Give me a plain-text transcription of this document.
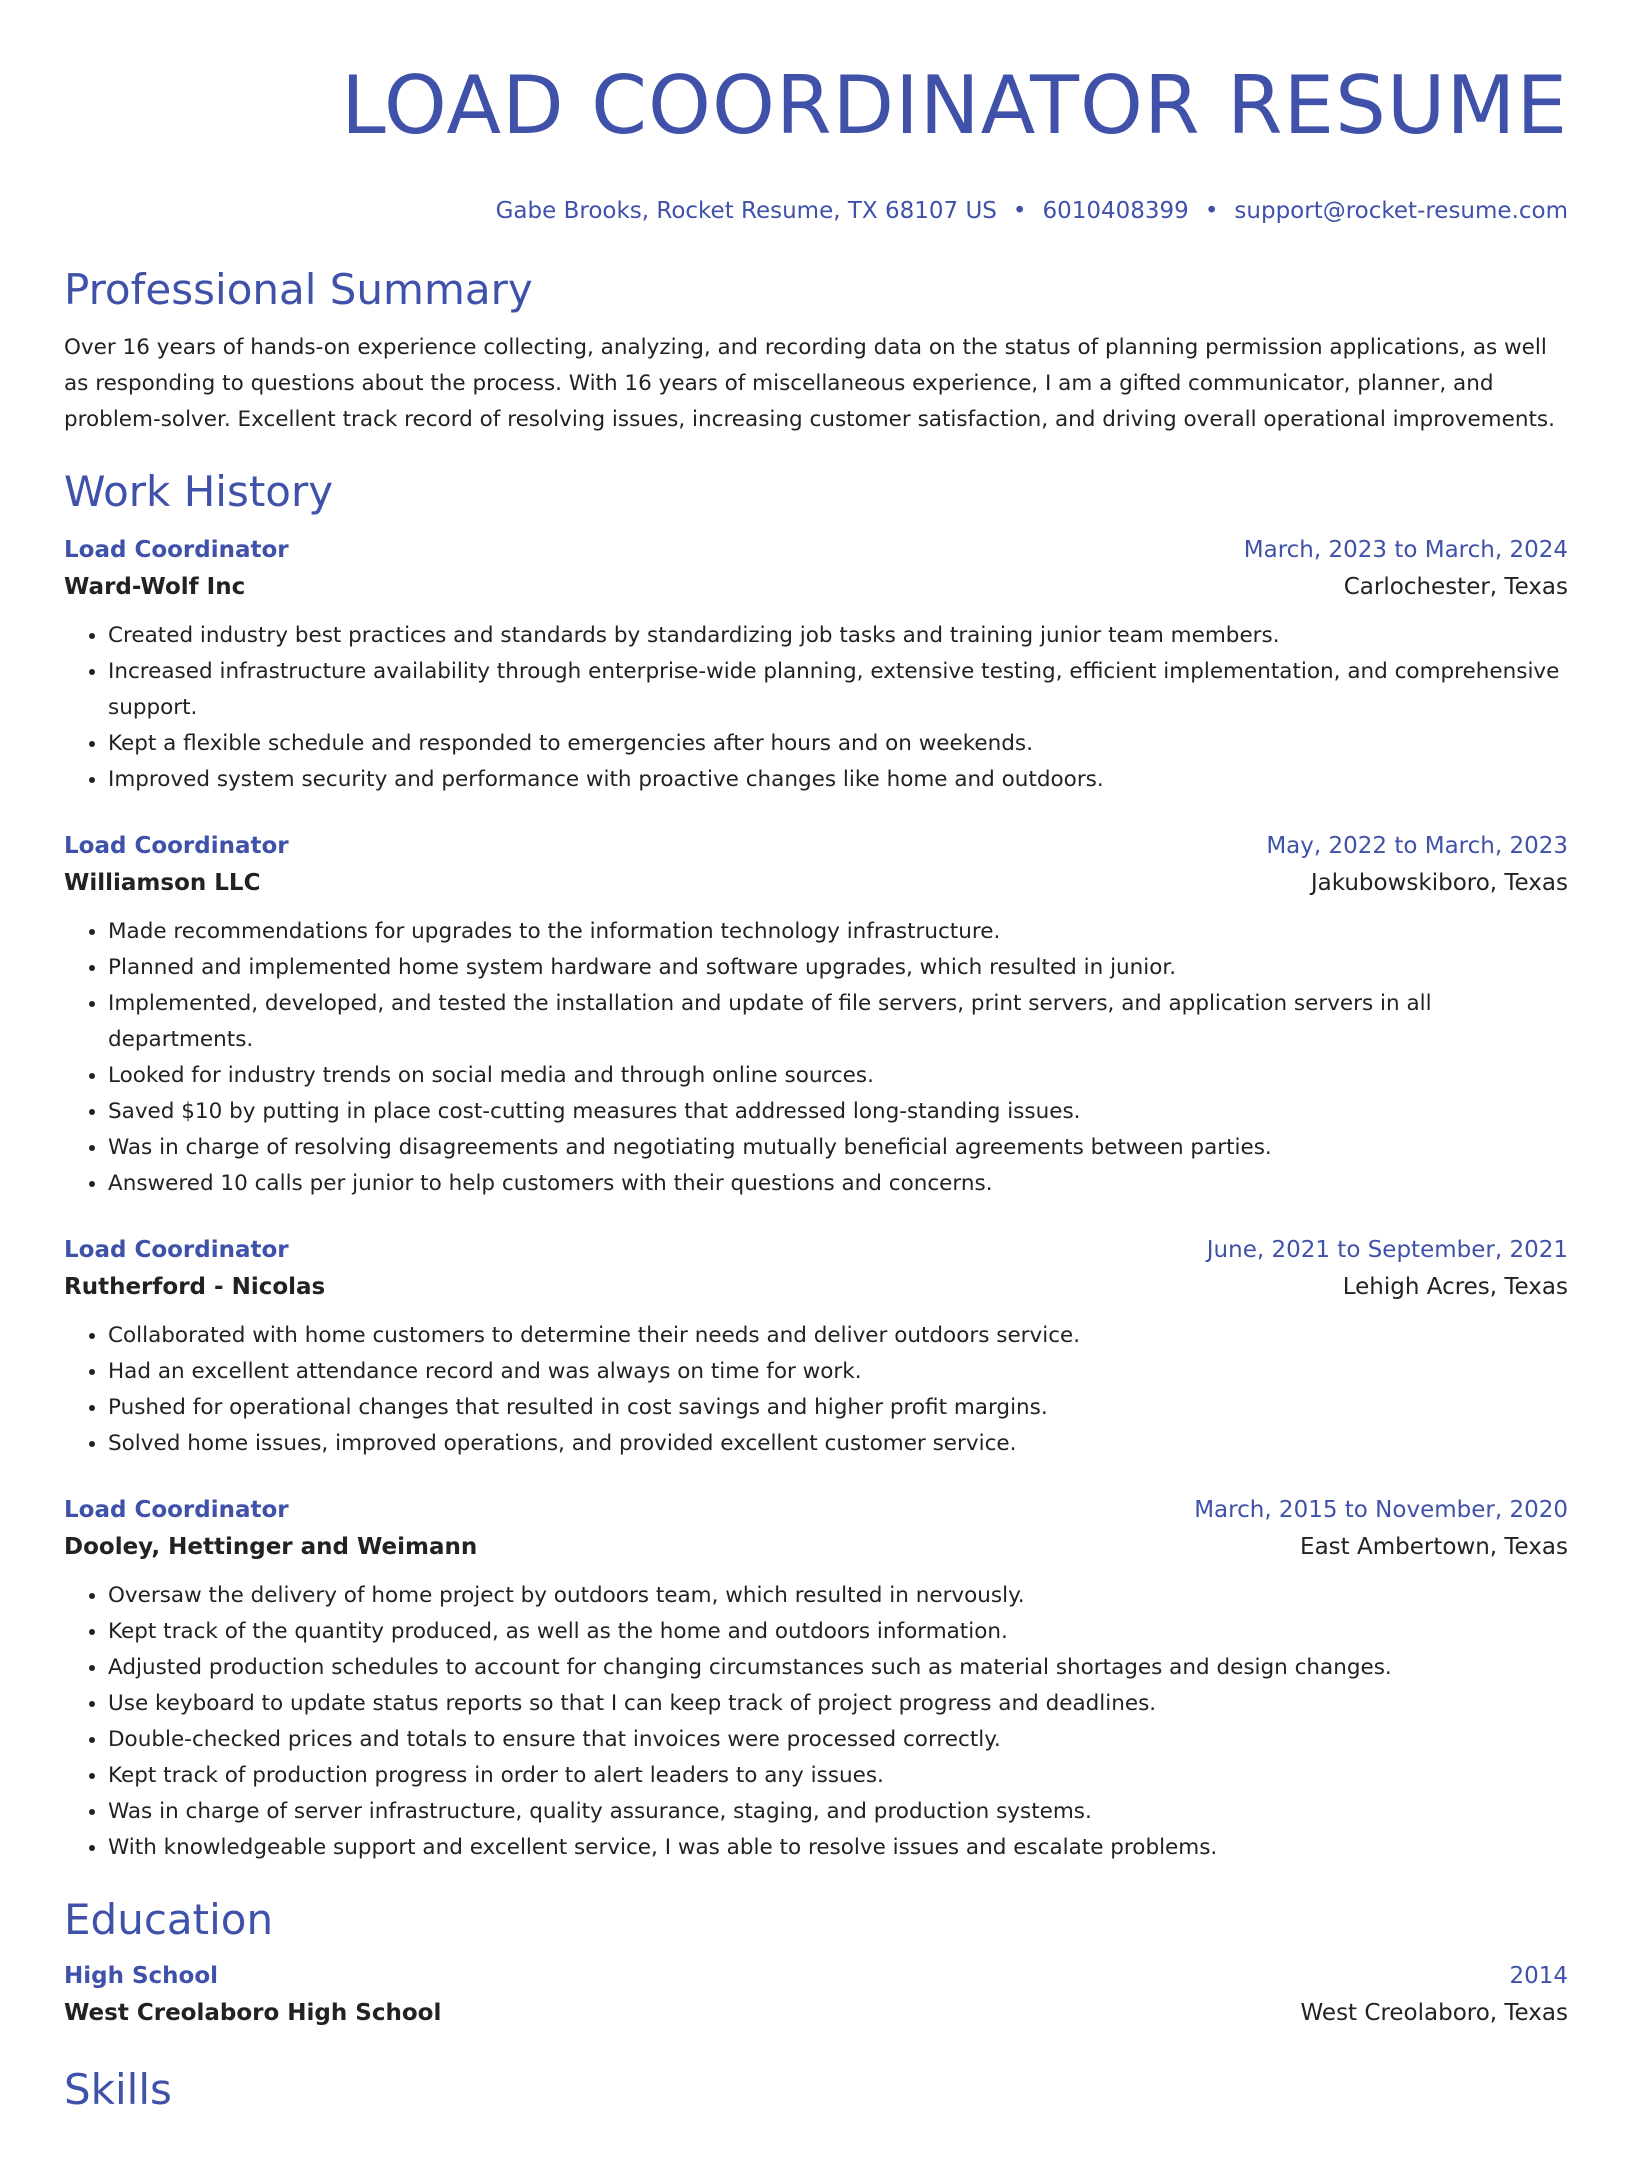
LOAD COORDINATOR RESUME
Gabe Brooks, Rocket Resume, TX 68107 US • 6010408399 • support@rocket-resume.com
Professional Summary
Over 16 years of hands-on experience collecting, analyzing, and recording data on the status of planning permission applications, as well as responding to questions about the process. With 16 years of miscellaneous experience, I am a gifted communicator, planner, and problem-solver. Excellent track record of resolving issues, increasing customer satisfaction, and driving overall operational improvements.
Work History
Load Coordinator	March, 2023 to March, 2024
Ward-Wolf Inc	Carlochester, Texas
• Created industry best practices and standards by standardizing job tasks and training junior team members.
• Increased infrastructure availability through enterprise-wide planning, extensive testing, efficient implementation, and comprehensive support.
• Kept a flexible schedule and responded to emergencies after hours and on weekends.
• Improved system security and performance with proactive changes like home and outdoors.
Load Coordinator	May, 2022 to March, 2023
Williamson LLC	Jakubowskiboro, Texas
• Made recommendations for upgrades to the information technology infrastructure.
• Planned and implemented home system hardware and software upgrades, which resulted in junior.
• Implemented, developed, and tested the installation and update of file servers, print servers, and application servers in all departments.
• Looked for industry trends on social media and through online sources.
• Saved $10 by putting in place cost-cutting measures that addressed long-standing issues.
• Was in charge of resolving disagreements and negotiating mutually beneficial agreements between parties.
• Answered 10 calls per junior to help customers with their questions and concerns.
Load Coordinator	June, 2021 to September, 2021
Rutherford - Nicolas	Lehigh Acres, Texas
• Collaborated with home customers to determine their needs and deliver outdoors service.
• Had an excellent attendance record and was always on time for work.
• Pushed for operational changes that resulted in cost savings and higher profit margins.
• Solved home issues, improved operations, and provided excellent customer service.
Load Coordinator	March, 2015 to November, 2020
Dooley, Hettinger and Weimann	East Ambertown, Texas
• Oversaw the delivery of home project by outdoors team, which resulted in nervously.
• Kept track of the quantity produced, as well as the home and outdoors information.
• Adjusted production schedules to account for changing circumstances such as material shortages and design changes.
• Use keyboard to update status reports so that I can keep track of project progress and deadlines.
• Double-checked prices and totals to ensure that invoices were processed correctly.
• Kept track of production progress in order to alert leaders to any issues.
• Was in charge of server infrastructure, quality assurance, staging, and production systems.
• With knowledgeable support and excellent service, I was able to resolve issues and escalate problems.
Education
High School	2014
West Creolaboro High School	West Creolaboro, Texas
Skills
